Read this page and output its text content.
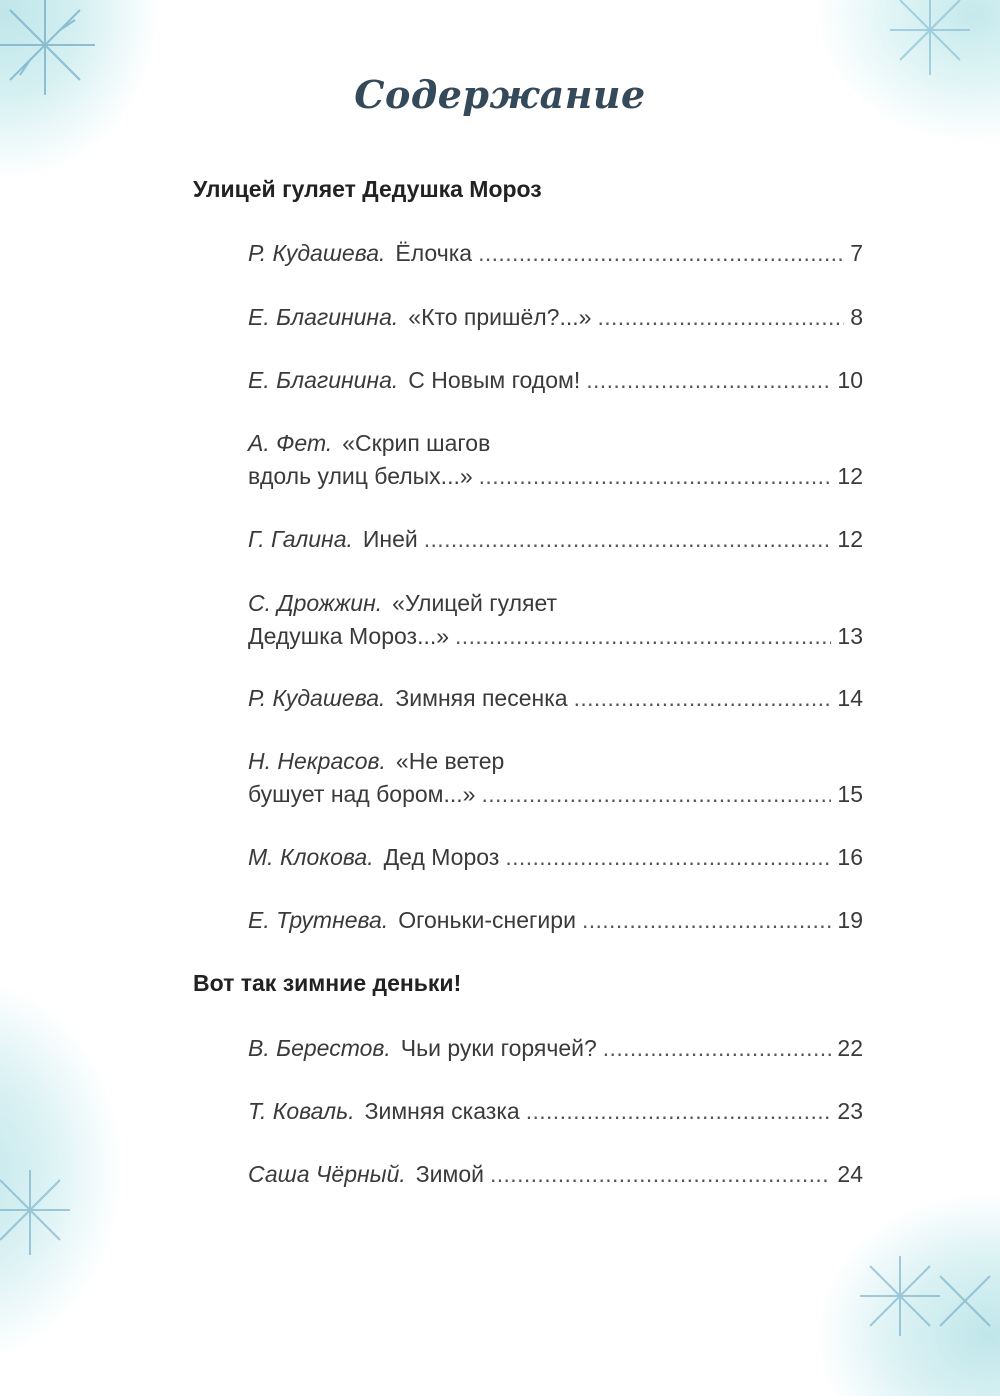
Содержание
Улицей гуляет Дедушка Мороз
Р. Кудашева. Ёлочка . . .	7
Е. Благинина. «Кто пришёл?...» . . .	8
Е. Благинина. С Новым годом! . . .	10
А. Фет. «Скрип шагов
вдоль улиц белых...» . . .	12
Г. Галина. Иней . . .	12
С. Дрожжин. «Улицей гуляет
Дедушка Мороз...» . . .	13
Р. Кудашева. Зимняя песенка . . .	14
Н. Некрасов. «Не ветер
бушует над бором...» . . .	15
М. Клокова. Дед Мороз . . .	16
Е. Трутнева. Огоньки-снегири . . .	19
Вот так зимние деньки!
В. Берестов. Чьи руки горячей? . . .	22
Т. Коваль. Зимняя сказка . . .	23
Саша Чёрный. Зимой . . .	24
